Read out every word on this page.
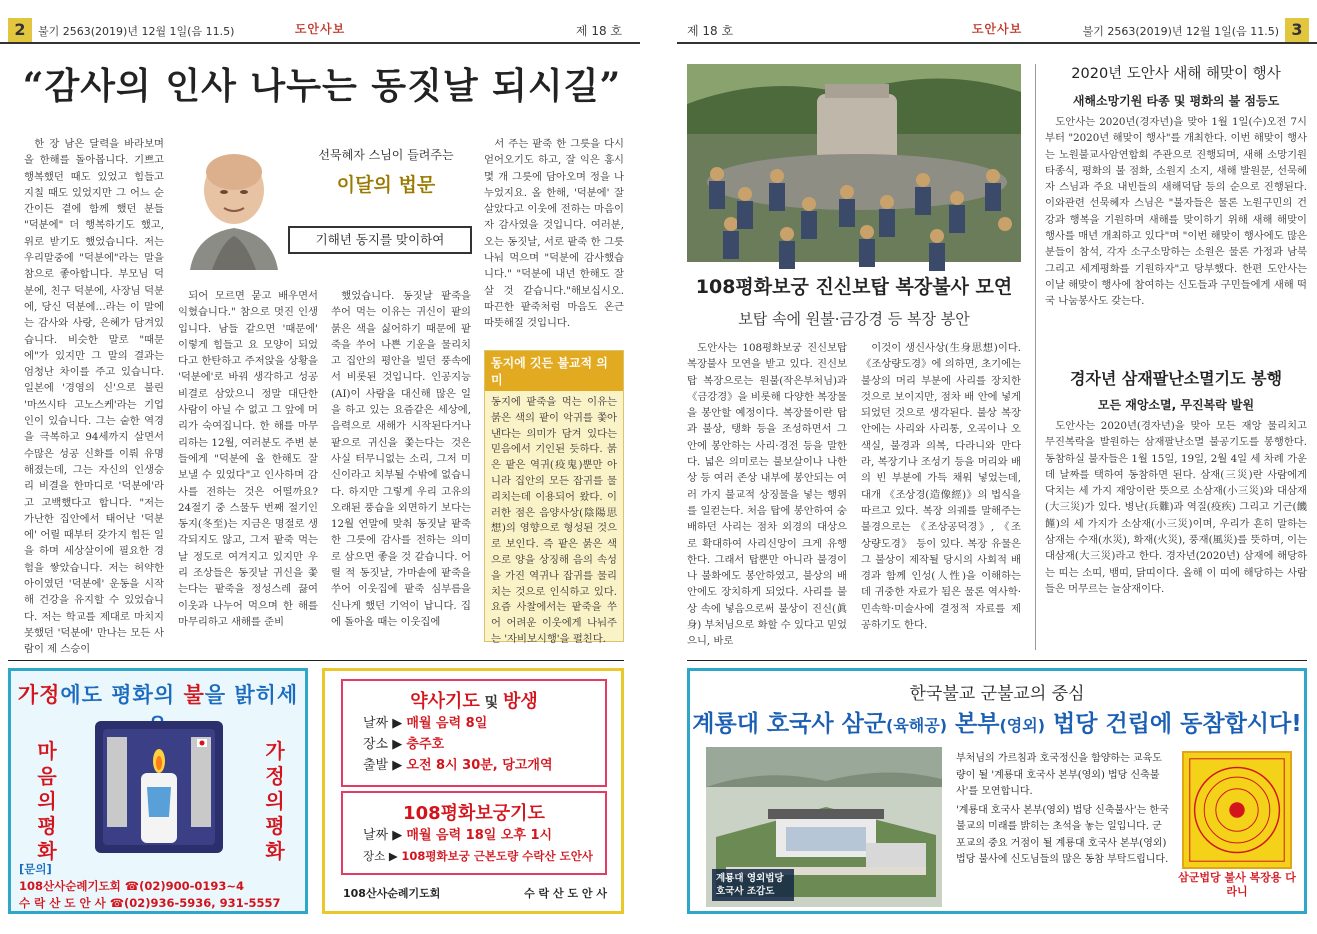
2	불기 2563(2019)년 12월 1일(음 11.5)	도안사보	제 18 호
“감사의 인사 나누는 동짓날 되시길”

한 장 남은 달력을 바라보며 올 한해를 돌아봅니다. 기쁘고 행복했던 때도 있었고 힘들고 지칠 때도 있었지만 그 어느 순간이든 곁에 함께 했던 분들 "덕분에" 더 행복하기도 했고, 위로 받기도 했었습니다. 저는 우리말중에 "덕분에"라는 말을 참으로 좋아합니다. 부모님 덕분에, 친구 덕분에, 사장님 덕분에, 당신 덕분에…라는 이 말에는 감사와 사랑, 은혜가 담겨있습니다. 비슷한 말로 "때문에"가 있지만 그 말의 결과는 엄청난 차이를 주고 있습니다. 일본에 '경영의 신'으로 불린 '마쓰시타 고노스케'라는 기업인이 있습니다. 그는 숱한 역경을 극복하고 94세까지 살면서 수많은 성공 신화를 이뤄 유명해졌는데, 그는 자신의 인생승리 비결을 한마디로 '덕분에'라고 고백했다고 합니다. "저는 가난한 집안에서 태어난 '덕분에' 어릴 때부터 갖가지 힘든 일을 하며 세상살이에 필요한 경험을 쌓았습니다. 저는 허약한 아이였던 '덕분에' 운동을 시작해 건강을 유지할 수 있었습니다. 저는 학교를 제대로 마치지 못했던 '덕분에' 만나는 모든 사람이 제 스승이

선묵혜자 스님이 들려주는
이달의 법문
기해년 동지를 맞이하여

되어 모르면 묻고 배우면서 익혔습니다." 참으로 멋진 인생입니다. 남들 같으면 '때문에' 이렇게 힘들고 요 모양이 되었다고 한탄하고 주저앉을 상황을 '덕분에'로 바꿔 생각하고 성공비결로 삼았으니 정말 대단한 사람이 아닐 수 없고 그 앞에 머리가 숙여집니다. 한 해를 마무리하는 12월, 여러분도 주변 분들에게 "덕분에 올 한해도 잘 보낼 수 있었다"고 인사하며 감사를 전하는 것은 어떨까요? 24절기 중 스물두 번째 절기인 동지(冬至)는 지금은 명절로 생각되지도 않고, 그저 팥죽 먹는 날 정도로 여겨지고 있지만 우리 조상들은 동짓날 귀신을 쫓는다는 팥죽을 정성스레 끓여 이웃과 나누어 먹으며 한 해를 마무리하고 새해를 준비

했었습니다. 동짓날 팥죽을 쑤어 먹는 이유는 귀신이 팥의 붉은 색을 싫어하기 때문에 팥죽을 쑤어 나쁜 기운을 물리치고 집안의 평안을 빌던 풍속에서 비롯된 것입니다. 인공지능(AI)이 사람을 대신해 많은 일을 하고 있는 요즘같은 세상에, 음력으로 새해가 시작된다거나 팥으로 귀신을 쫓는다는 것은 사실 터무니없는 소리, 그저 미신이라고 치부될 수밖에 없습니다. 하지만 그렇게 우리 고유의 오래된 풍습을 외면하기 보다는 12월 연말에 맞춰 동짓날 팥죽 한 그릇에 감사를 전하는 의미로 삼으면 좋을 것 같습니다. 어릴 적 동짓날, 가마솥에 팥죽을 쑤어 이웃집에 팥죽 심부름을 신나게 했던 기억이 납니다. 집에 돌아올 때는 이웃집에

서 주는 팥죽 한 그릇을 다시 얻어오기도 하고, 잘 익은 홍시 몇 개 그릇에 담아오며 정을 나누었지요. 올 한해, '덕분에' 잘 살았다고 이웃에 전하는 마음이자 감사였을 것입니다. 여러분, 오는 동짓날, 서로 팥죽 한 그릇 나눠 먹으며 "덕분에 감사했습니다." "덕분에 내년 한해도 잘살 것 같습니다."해보십시오. 따끈한 팥죽처럼 마음도 온근 따뜻해질 것입니다.

동지에 깃든 불교적 의미
동지에 팥죽을 먹는 이유는 붉은 색의 팥이 악귀를 쫓아낸다는 의미가 담겨 있다는 믿음에서 기인된 듯하다. 붉은 팥은 역귀(疫鬼)뿐만 아니라 집안의 모든 잡귀를 물리치는데 이용되어 왔다. 이러한 점은 음양사상(陰陽思想)의 영향으로 형성된 것으로 보인다. 즉 팥은 붉은 색으로 양을 상징해 음의 속성을 가진 역귀나 잡귀를 물리치는 것으로 인식하고 있다. 요즘 사찰에서는 팥죽을 쑤어 어려운 이웃에게 나눠주는 '자비보시행'을 펼친다.
가정에도 평화의 불을 밝히세
마음의 평화
가정의 평화
[문의]
108산사순례기도회 ☎(02)900-0193~4
수 락 산 도 안 사 ☎(02)936-5936, 931-5557
약사기도 및 방생
날짜 ▶ 매월 음력 8일
장소 ▶ 충주호
출발 ▶ 오전 8시 30분, 당고개역
108평화보궁기도
날짜 ▶ 매월 음력 18일 오후 1시
장소 ▶ 108평화보궁 근본도량 수락산 도안사
108산사순례기도회	수 락 산 도 안 사
제 18 호	도안사보	불기 2563(2019)년 12월 1일(음 11.5) 3
108평화보궁 진신보탑 복장불사 모연
보탑 속에 원불·금강경 등 복장 봉안

도안사는 108평화보궁 진신보탑 복장불사 모연을 받고 있다. 진신보탑 복장으로는 원불(작은부처님)과 《금강경》을 비롯해 다양한 복장물을 봉안할 예정이다. 복장물이란 탑과 불상, 탱화 등을 조성하면서 그 안에 봉안하는 사리·경전 등을 말한다. 넓은 의미로는 불보살이나 나한상 등 여러 존상 내부에 봉안되는 여러 가지 불교적 상징물을 넣는 행위를 일컫는다. 처음 탑에 봉안하여 숭배하던 사리는 점차 외경의 대상으로 확대하여 사리신앙이 크게 유행한다. 그래서 탑뿐만 아니라 불경이나 불화에도 봉안하였고, 불상의 배 안에도 장치하게 되었다. 사리를 불상 속에 넣음으로써 불상이 진신(眞身) 부처님으로 화할 수 있다고 믿었으니, 바로

이것이 생신사상(生身思想)이다. 《조상량도경》에 의하면, 초기에는 불상의 머리 부분에 사리를 장치한 것으로 보이지만, 점차 배 안에 넣게 되었던 것으로 생각된다. 불상 복장 안에는 사리와 사리통, 오곡이나 오색실, 불경과 의복, 다라니와 만다라, 복장기나 조성기 등을 머리와 배의 빈 부분에 가득 채워 넣었는데, 대개 《조상경(造像經)》의 법식을 따르고 있다. 복장 의궤를 말해주는 불경으로는 《조상공덕경》, 《조상량도경》 등이 있다. 복장 유물은 그 불상이 제작될 당시의 사회적 배경과 함께 인성(人性)을 이해하는 데 귀중한 자료가 됨은 물론 역사학·민속학·미술사에 결정적 자료를 제공하기도 한다.

2020년 도안사 새해 해맞이 행사
새해소망기원 타종 및 평화의 불 점등도

도안사는 2020년(경자년)을 맞아 1월 1일(수)오전 7시부터 "2020년 해맞이 행사"를 개최한다. 이번 해맞이 행사는 노원불교사암연합회 주관으로 진행되며, 새해 소망기원 타종식, 평화의 불 점화, 소원지 소지, 새해 발원문, 선묵혜자 스님과 주요 내빈들의 새해덕담 등의 순으로 진행된다. 이와관련 선묵혜자 스님은 "불자들은 물론 노원구민의 건강과 행복을 기원하며 새해를 맞이하기 위해 새해 해맞이 행사를 매년 개최하고 있다"며 "이번 해맞이 행사에도 많은 분들이 참석, 각자 소구소망하는 소원은 물론 가정과 남북 그리고 세계평화를 기원하자"고 당부했다. 한편 도안사는 이날 해맞이 행사에 참여하는 신도들과 구민들에게 새해 떡국 나눔봉사도 갖는다.

경자년 삼재팔난소멸기도 봉행
모든 재앙소멸, 무진복락 발원

도안사는 2020년(경자년)을 맞아 모든 재앙 물리치고 무진복락을 발원하는 삼재팔난소멸 불공기도를 봉행한다. 동참하실 불자들은 1월 15일, 19일, 2월 4일 세 차례 가운데 날짜를 택하여 동참하면 된다. 삼재(三災)란 사람에게 닥치는 세 가지 재앙이란 뜻으로 소삼재(小三災)와 대삼재(大三災)가 있다. 병난(兵難)과 역질(疫疾) 그리고 기근(饑饉)의 세 가지가 소삼재(小三災)이며, 우리가 흔히 말하는 삼재는 수재(水災), 화재(火災), 풍재(風災)를 뜻하며, 이는 대삼재(大三災)라고 한다. 경자년(2020년) 삼재에 해당하는 띠는 소띠, 뱀띠, 닭띠이다. 올해 이 띠에 해당하는 사람들은 머무르는 늘삼재이다.

한국불교 군불교의 중심
계룡대 호국사 삼군(육해공) 본부(영외) 법당 건립에 동참합시다!
계룡대 영외법당 호국사 조감도

부처님의 가르침과 호국정신을 함양하는 교육도량이 될 '계룡대 호국사 본부(영외) 법당 신축불사'를 모연합니다.

'계룡대 호국사 본부(영외) 법당 신축불사'는 한국불교의 미래를 밝히는 초석을 놓는 일입니다. 군포교의 중요 거점이 될 계룡대 호국사 본부(영외) 법당 불사에 신도님들의 많은 동참 부탁드립니다.

삼군법당 불사 복장용 다라니
